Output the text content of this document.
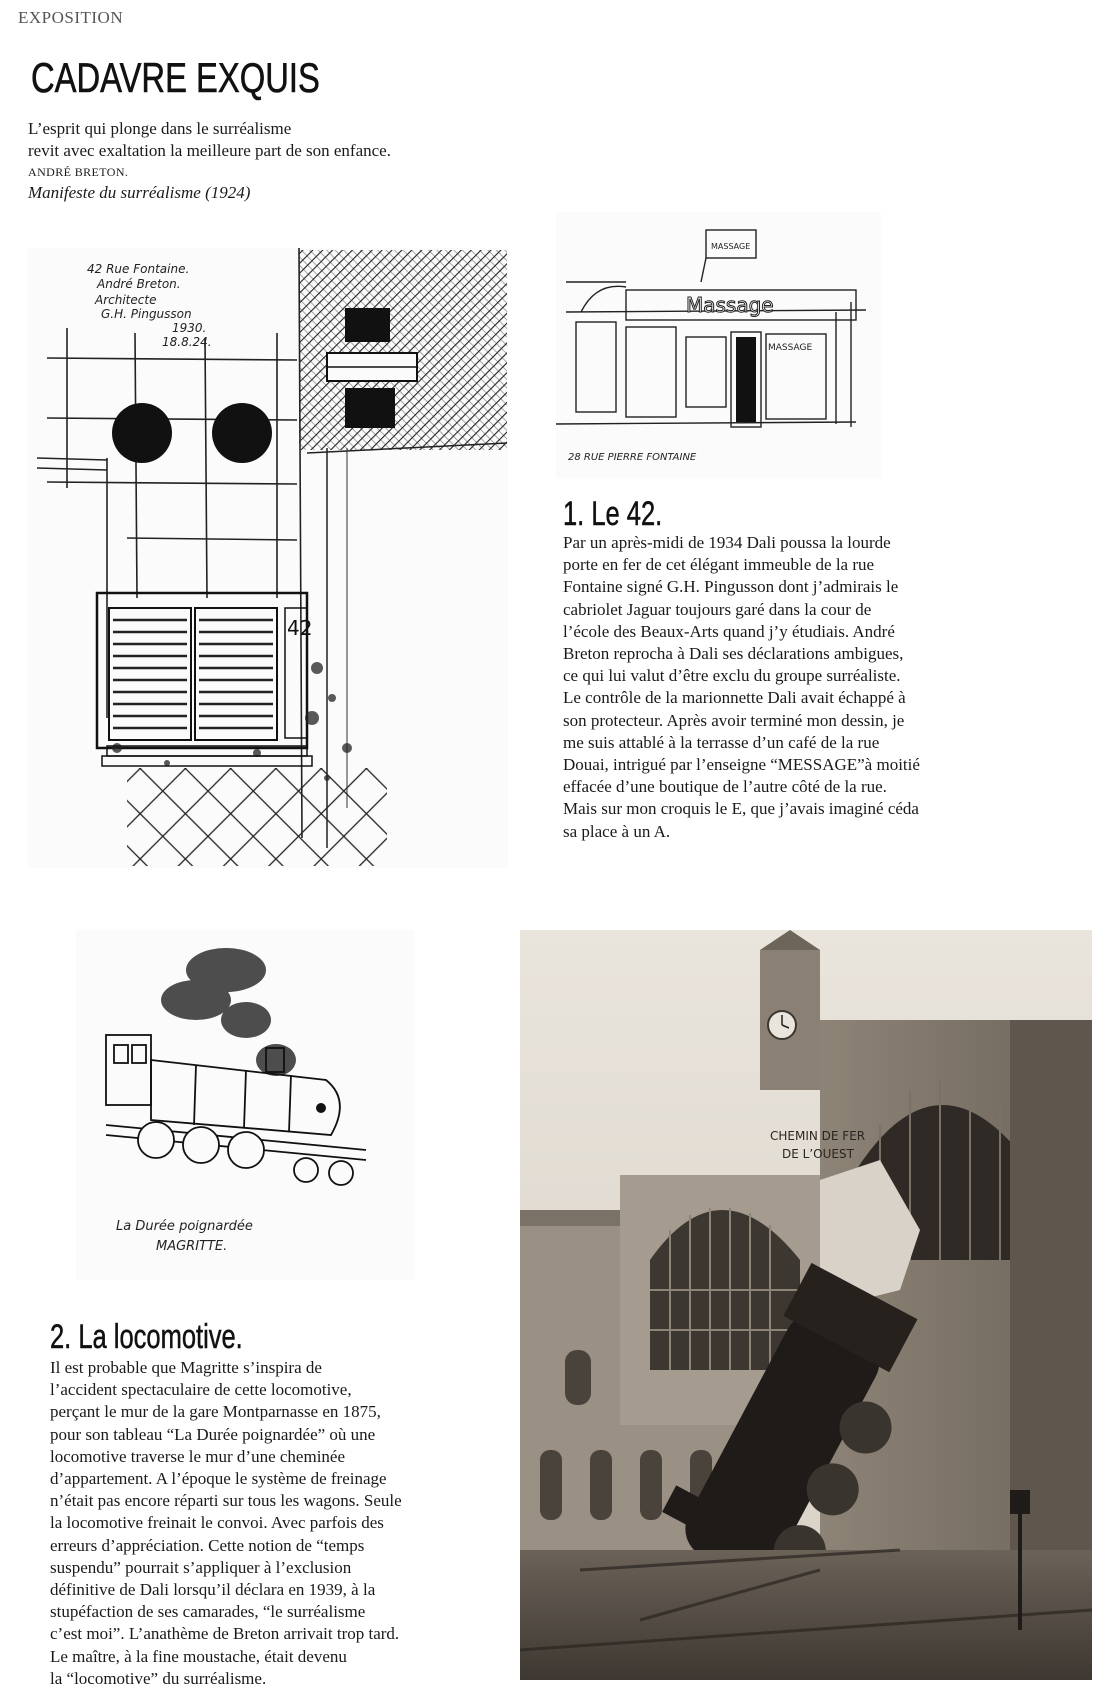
EXPOSITION
CADAVRE EXQUIS
L’esprit qui plonge dans le surréalisme
revit avec exaltation la meilleure part de son enfance.
ANDRÉ BRETON.
Manifeste du surréalisme (1924)
42
42 Rue Fontaine.
André Breton.
Architecte
G.H. Pingusson
1930.
18.8.24.
MASSAGE
Massage
MASSAGE
28 RUE PIERRE FONTAINE
1. Le 42.
Par un après-midi de 1934 Dali poussa la lourde
porte en fer de cet élégant immeuble de la rue
Fontaine signé G.H. Pingusson dont j’admirais le
cabriolet Jaguar toujours garé dans la cour de
l’école des Beaux-Arts quand j’y étudiais. André
Breton reprocha à Dali ses déclarations ambigues,
ce qui lui valut d’être exclu du groupe surréaliste.
Le contrôle de la marionnette Dali avait échappé à
son protecteur. Après avoir terminé mon dessin, je
me suis attablé à la terrasse d’un café de la rue
Douai, intrigué par l’enseigne “MESSAGE”à moitié
effacée d’une boutique de l’autre côté de la rue.
Mais sur mon croquis le E, que j’avais imaginé céda
sa place à un A.
La Durée poignardée
MAGRITTE.
CHEMIN DE FER
DE L’OUEST
2. La locomotive.
Il est probable que Magritte s’inspira de
l’accident spectaculaire de cette locomotive,
perçant le mur de la gare Montparnasse en 1875,
pour son tableau “La Durée poignardée” où une
locomotive traverse le mur d’une cheminée
d’appartement. A l’époque le système de freinage
n’était pas encore réparti sur tous les wagons. Seule
la locomotive freinait le convoi. Avec parfois des
erreurs d’appréciation. Cette notion de “temps
suspendu” pourrait s’appliquer à l’exclusion
définitive de Dali lorsqu’il déclara en 1939, à la
stupéfaction de ses camarades, “le surréalisme
c’est moi”. L’anathème de Breton arrivait trop tard.
Le maître, à la fine moustache, était devenu
la “locomotive” du surréalisme.
